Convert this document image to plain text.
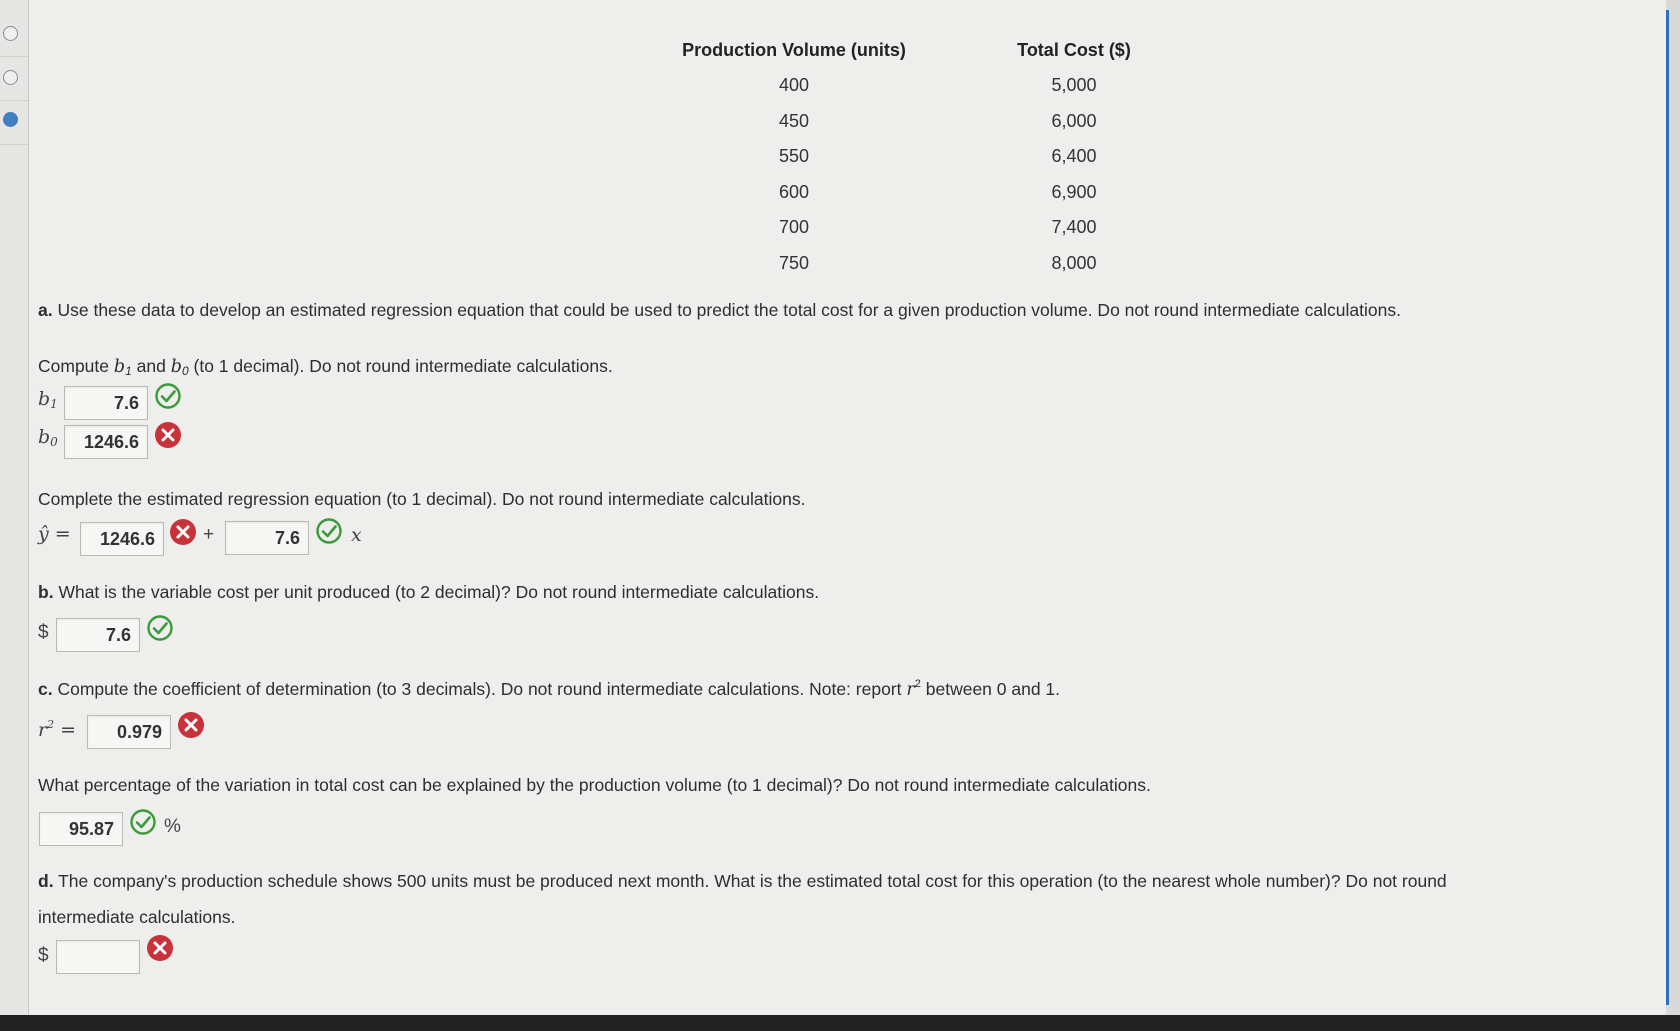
Production Volume (units)	Total Cost ($)
400	5,000
450	6,000
550	6,400
600	6,900
700	7,400
750	8,000
a. Use these data to develop an estimated regression equation that could be used to predict the total cost for a given production volume. Do not round intermediate calculations.
Compute $b_1$ and $b_0$ (to 1 decimal). Do not round intermediate calculations.
$b_1$	7.6
$b_0$	1246.6
Complete the estimated regression equation (to 1 decimal). Do not round intermediate calculations.
ŷ =	1246.6	+	7.6	x
b. What is the variable cost per unit produced (to 2 decimal)? Do not round intermediate calculations.
$	7.6
c. Compute the coefficient of determination (to 3 decimals). Do not round intermediate calculations. Note: report $r^2$ between 0 and 1.
$r^2$ =	0.979
What percentage of the variation in total cost can be explained by the production volume (to 1 decimal)? Do not round intermediate calculations.
95.87	%
d. The company's production schedule shows 500 units must be produced next month. What is the estimated total cost for this operation (to the nearest whole number)? Do not round
intermediate calculations.
$
